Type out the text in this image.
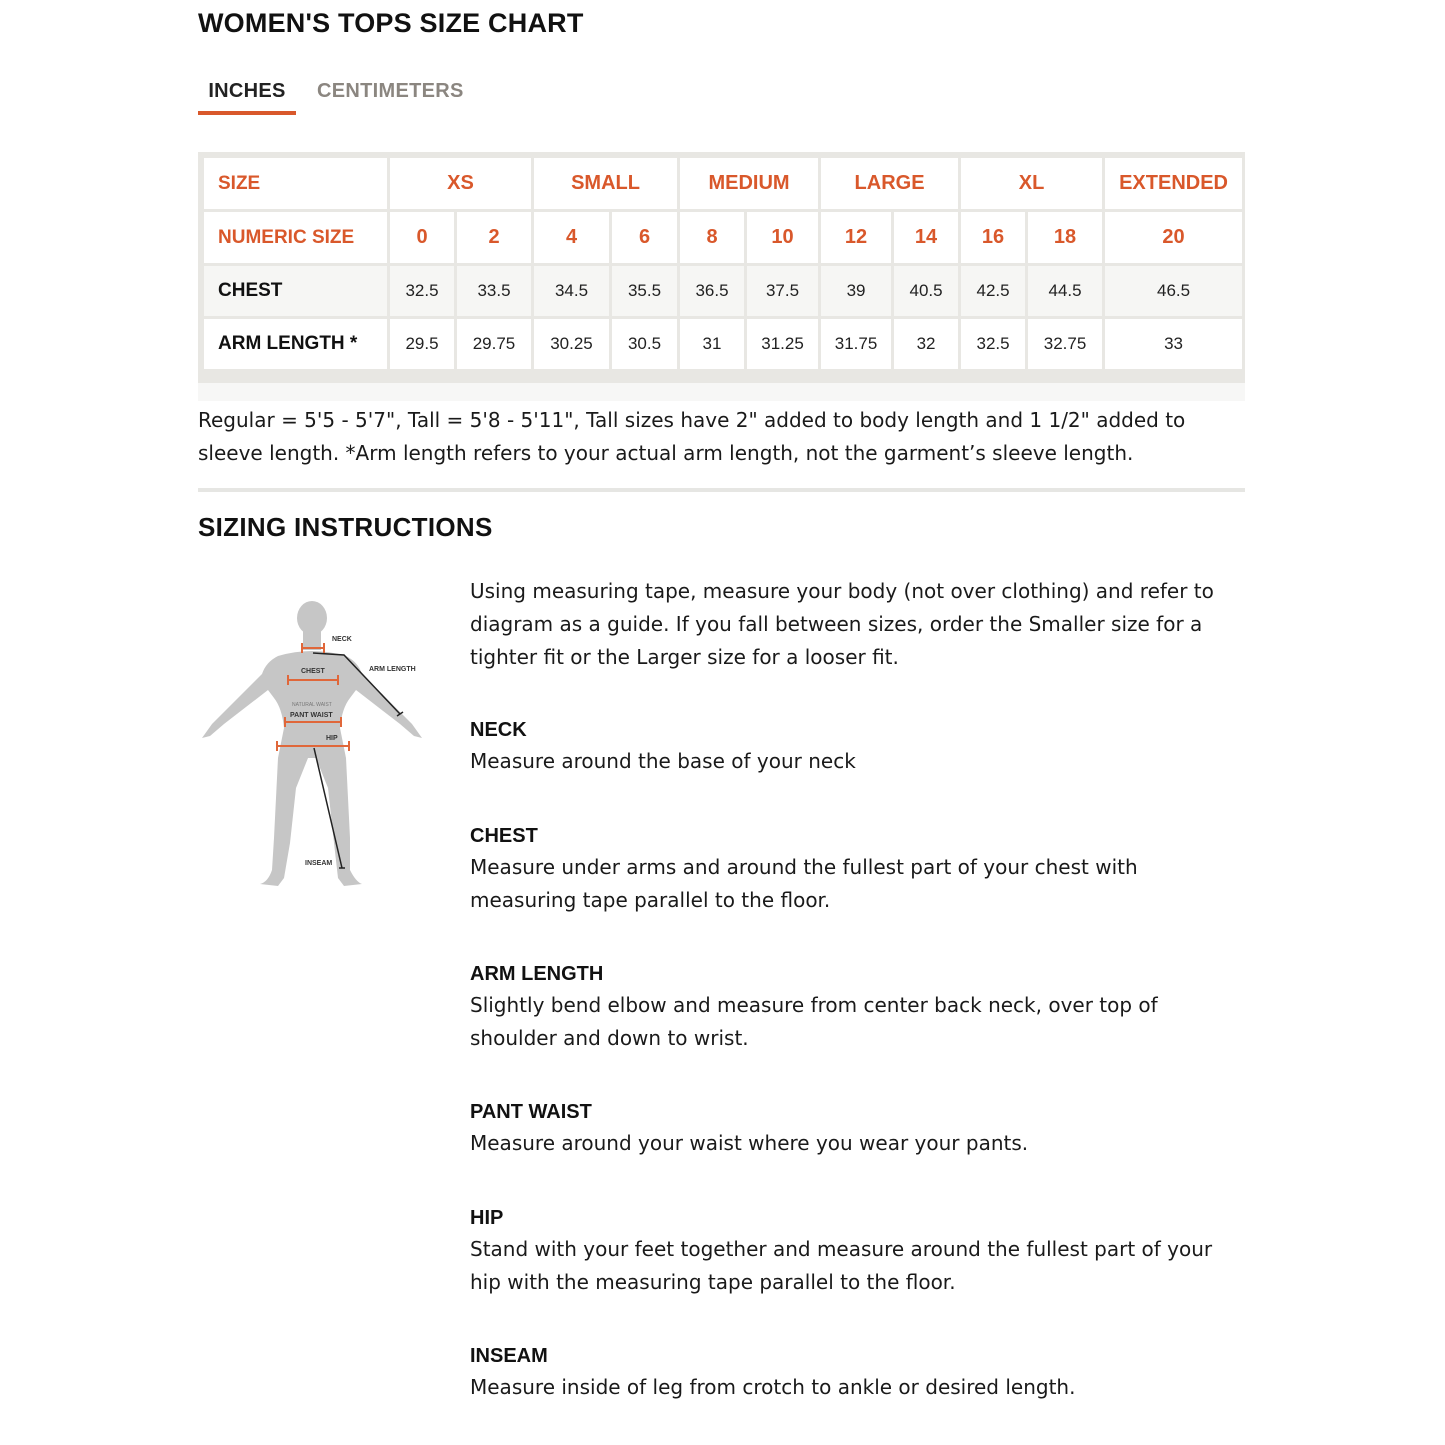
WOMEN'S TOPS SIZE CHART
INCHES	CENTIMETERS
SIZE	XS		SMALL		MEDIUM		LARGE		XL		EXTENDED
NUMERIC SIZE	0	2	4	6	8	10	12	14	16	18	20
CHEST	32.5	33.5	34.5	35.5	36.5	37.5	39	40.5	42.5	44.5	46.5
ARM LENGTH *	29.5	29.75	30.25	30.5	31	31.25	31.75	32	32.5	32.75	33
Regular = 5'5 - 5'7", Tall = 5'8 - 5'11", Tall sizes have 2" added to body length and 1 1/2" added to sleeve length. *Arm length refers to your actual arm length, not the garment’s sleeve length.
SIZING INSTRUCTIONS
NECK
ARM LENGTH
CHEST
NATURAL WAIST
PANT WAIST
HIP
INSEAM

Using measuring tape, measure your body (not over clothing) and refer to diagram as a guide. If you fall between sizes, order the Smaller size for a tighter fit or the Larger size for a looser fit.

NECK
Measure around the base of your neck
CHEST
Measure under arms and around the fullest part of your chest with measuring tape parallel to the floor.
ARM LENGTH
Slightly bend elbow and measure from center back neck, over top of shoulder and down to wrist.
PANT WAIST
Measure around your waist where you wear your pants.
HIP
Stand with your feet together and measure around the fullest part of your hip with the measuring tape parallel to the floor.
INSEAM
Measure inside of leg from crotch to ankle or desired length.
